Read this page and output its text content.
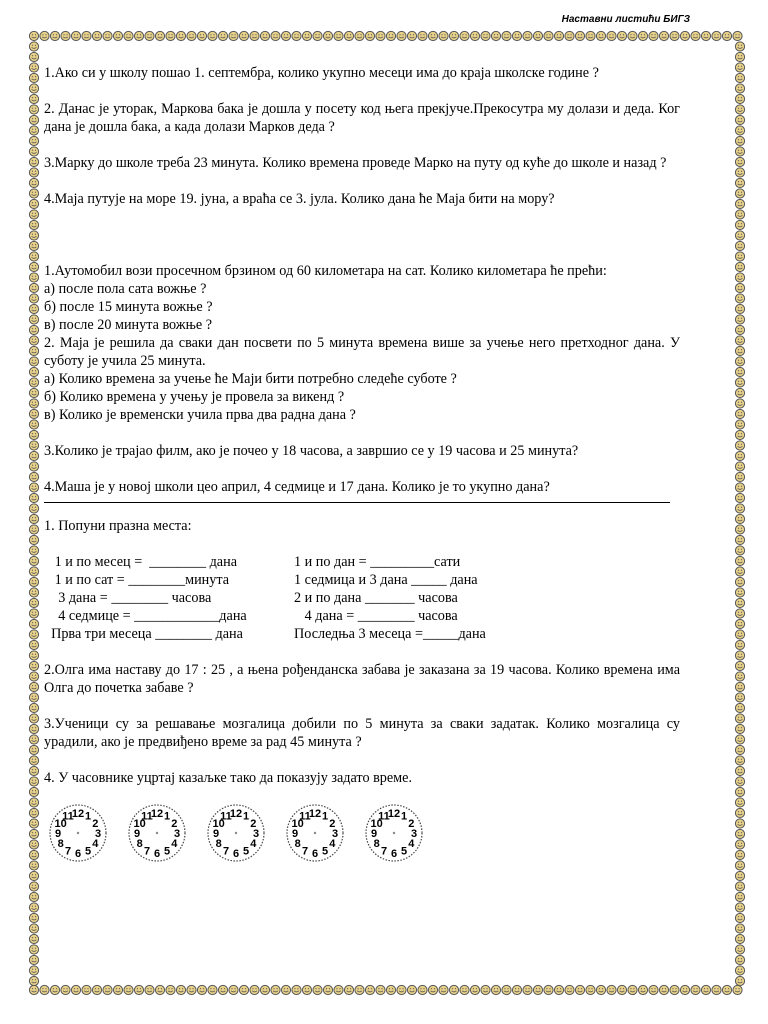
Наставни листићи БИГЗ

1.Ако си у школу пошао 1. септембра, колико укупно месеци има до краја школске године ?

2. Данас је уторак, Маркова бака је дошла у посету код њега прекјуче.Прекосутра му долази и деда. Ког дана је дошла бака, а када долази Марков деда ?

3.Марку до школе треба 23 минута. Колико времена проведе Марко на путу од куће до школе и назад ?

4.Маја путује на море 19. јуна, а враћа се 3. јула. Колико дана ће Маја бити на мору?

1.Аутомобил вози просечном брзином од 60 километара на сат. Колико километара ће прећи:

а) после пола сата вожње ?

б) после 15 минута вожње ?

в) после 20 минута вожње ?

2. Маја је решила да сваки дан посвети по 5 минута времена више за учење него претходног дана. У суботу је учила 25 минута.

а) Колико времена за учење ће Маји бити потребно следеће суботе ?

б) Колико времена у учењу је провела за викенд ?

в) Колико је временски учила прва два радна дана ?

3.Колико је трајао филм, ако је почео у 18 часова, а завршио се у 19 часова и 25 минута?

4.Маша је у новој школи цео април, 4 седмице и 17 дана. Колико је то укупно дана?

1. Попуни празна места:

1 и по месец =  ________ дана	1 и по дан = _________сати
1 и по сат = ________минута	1 седмица и 3 дана _____ дана
3 дана = ________ часова	2 и по дана _______ часова
4 седмице = ____________дана	4 дана = ________ часова
Прва три месеца ________ дана	Последња 3 месеца =_____дана

2.Олга има наставу до 17 : 25 , а њена рођенданска забава је заказана за 19 часова. Колико времена има Олга до почетка забаве ?

3.Ученици су за решавање мозгалица добили по 5 минута за сваки задатак. Колико мозгалица су урадили, ако је предвиђено време за рад 45 минута ?

4. У часовнике уцртај казаљке тако да показују задато време.

12 1
2
3
4
5
6
7
8
9
10
11	12 1
2
3
4
5
6
7
8
9
10
11	12 1
2
3
4
5
6
7
8
9
10
11	12 1
2
3
4
5
6
7
8
9
10
11	12 1
2
3
4
5
6
7
8
9
10
11
